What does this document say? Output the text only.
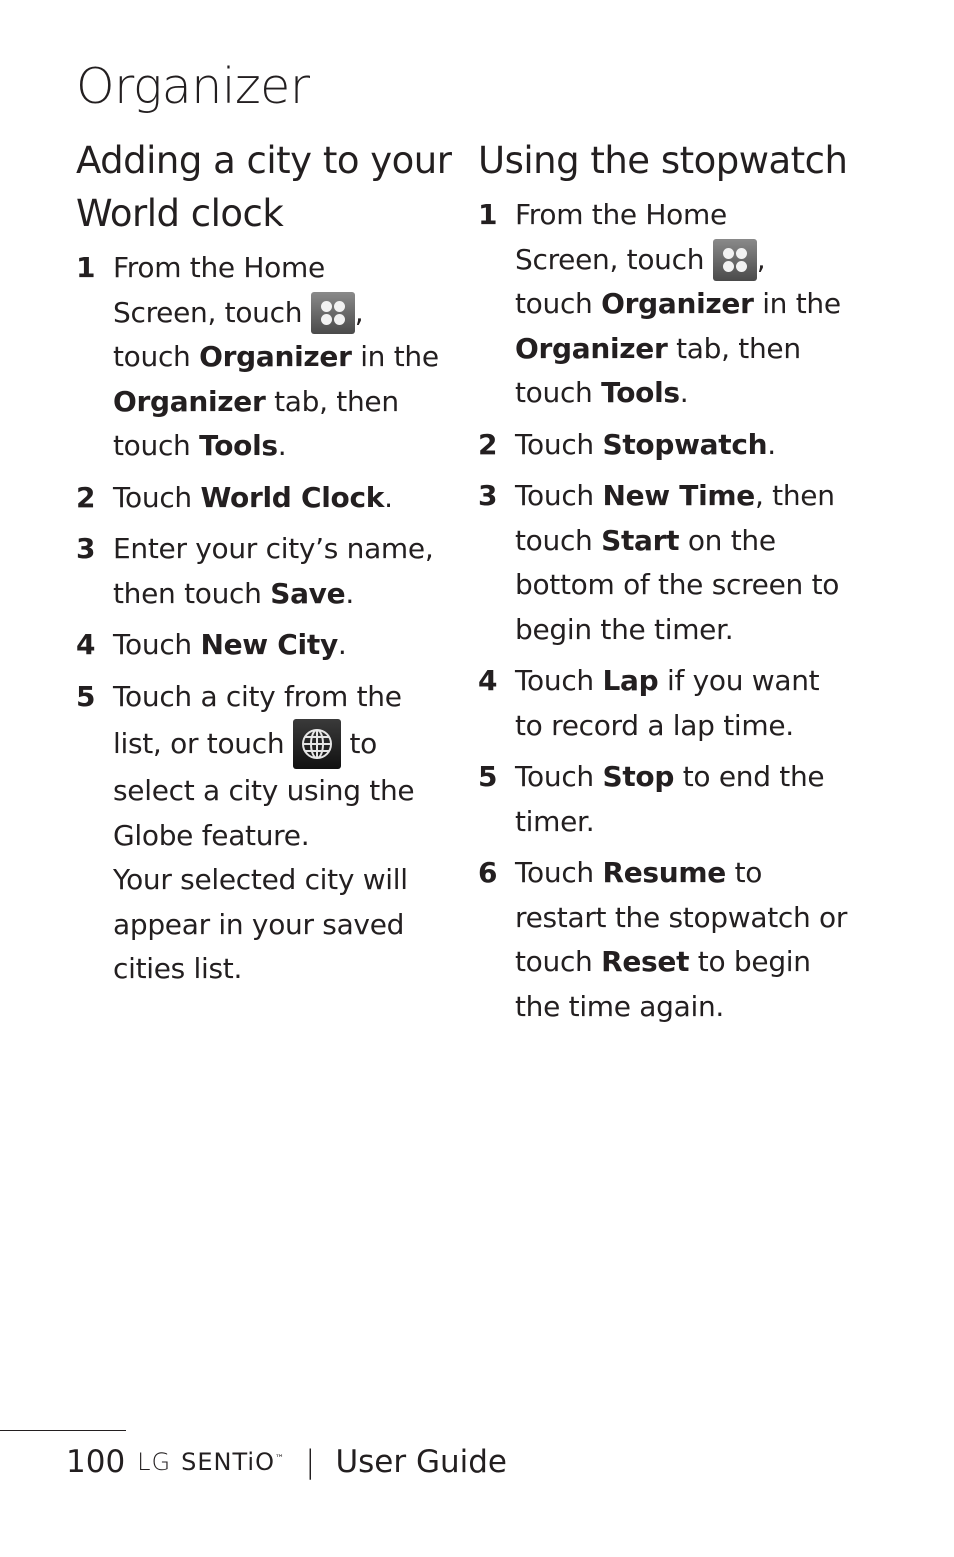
Organizer
Adding a city to your
World clock
1 From the Home
Screen, touch
,
touch Organizer in the
Organizer tab, then
touch Tools.
2 Touch World Clock.
3 Enter your city’s name,
then touch Save.
4 Touch New City.
5 Touch a city from the
list, or touch  to
select a city using the
Globe feature.
Your selected city will
appear in your saved
cities list.
Using the stopwatch
1 From the Home
Screen, touch
,
touch Organizer in the
Organizer tab, then
touch Tools.
2 Touch Stopwatch.
3 Touch New Time, then
touch Start on the
bottom of the screen to
begin the timer.
4 Touch Lap if you want
to record a lap time.
5 Touch Stop to end the
timer.
6 Touch Resume to
restart the stopwatch or
touch Reset to begin
the time again.
100 LG SENTiO™ | User Guide
